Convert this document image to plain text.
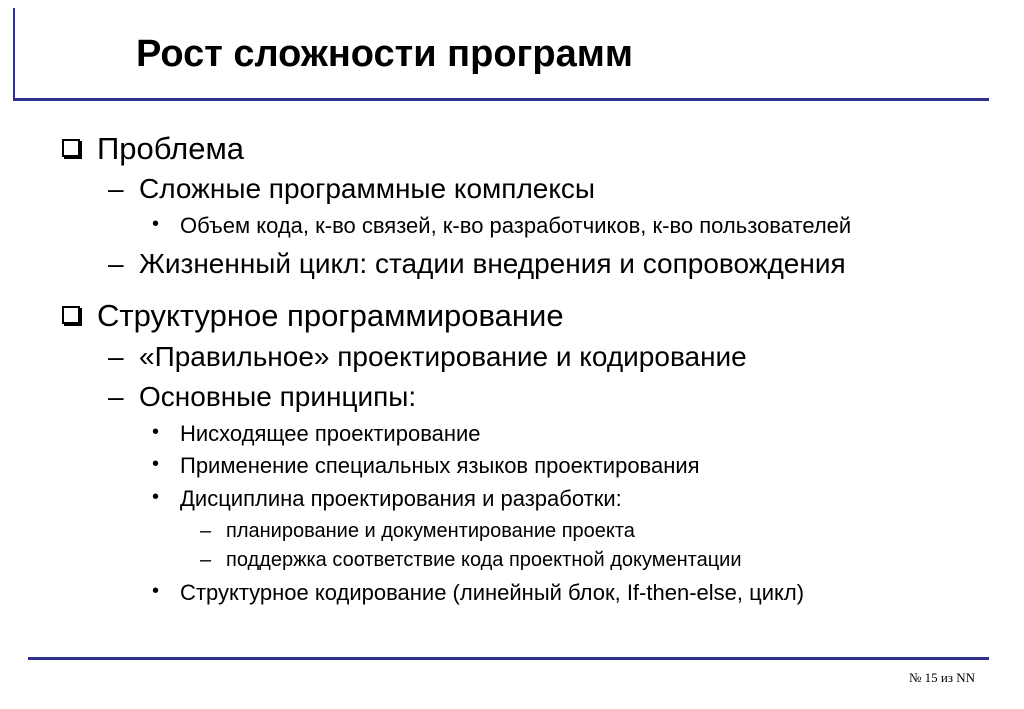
Рост сложности программ
Проблема
– Сложные программные комплексы
• Объем кода, к-во связей, к-во разработчиков, к-во пользователей
– Жизненный цикл: стадии внедрения и сопровождения
Структурное программирование
– «Правильное» проектирование и кодирование
– Основные принципы:
• Нисходящее проектирование
• Применение специальных языков проектирования
• Дисциплина проектирования и разработки:
– планирование и документирование проекта
– поддержка соответствие кода проектной документации
• Структурное кодирование (линейный блок, If-then-else, цикл)
№ 15 из NN
